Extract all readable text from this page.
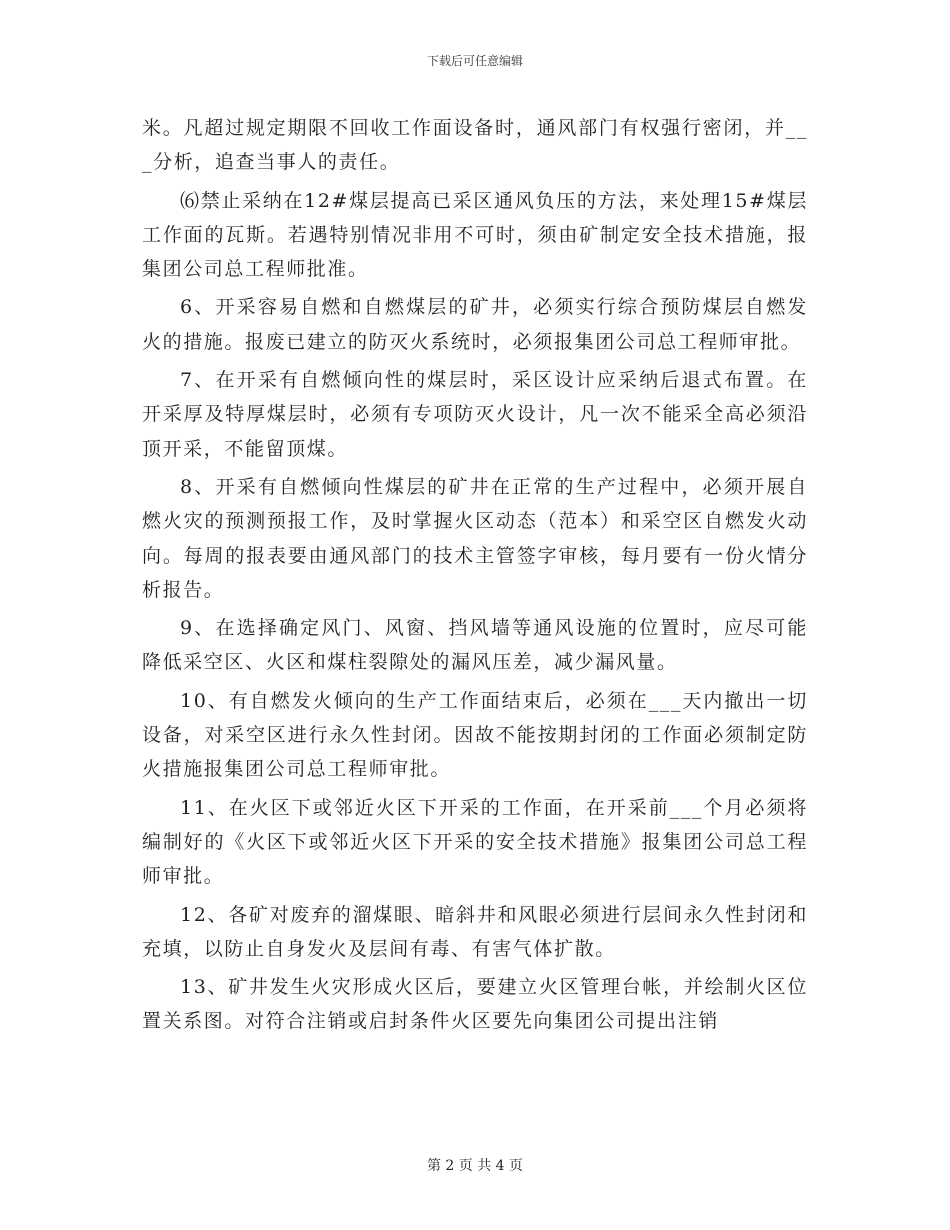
下载后可任意编辑

米。凡超过规定期限不回收工作面设备时，通风部门有权强行密闭，并___分析，追查当事人的责任。

⑹禁止采纳在12#煤层提高已采区通风负压的方法，来处理15#煤层工作面的瓦斯。若遇特别情况非用不可时，须由矿制定安全技术措施，报集团公司总工程师批准。

6、开采容易自燃和自燃煤层的矿井，必须实行综合预防煤层自燃发火的措施。报废已建立的防灭火系统时，必须报集团公司总工程师审批。

7、在开采有自燃倾向性的煤层时，采区设计应采纳后退式布置。在开采厚及特厚煤层时，必须有专项防灭火设计，凡一次不能采全高必须沿顶开采，不能留顶煤。

8、开采有自燃倾向性煤层的矿井在正常的生产过程中，必须开展自燃火灾的预测预报工作，及时掌握火区动态（范本）和采空区自燃发火动向。每周的报表要由通风部门的技术主管签字审核，每月要有一份火情分析报告。

9、在选择确定风门、风窗、挡风墙等通风设施的位置时，应尽可能降低采空区、火区和煤柱裂隙处的漏风压差，减少漏风量。

10、有自燃发火倾向的生产工作面结束后，必须在___天内撤出一切设备，对采空区进行永久性封闭。因故不能按期封闭的工作面必须制定防火措施报集团公司总工程师审批。

11、在火区下或邻近火区下开采的工作面，在开采前___个月必须将编制好的《火区下或邻近火区下开采的安全技术措施》报集团公司总工程师审批。

12、各矿对废弃的溜煤眼、暗斜井和风眼必须进行层间永久性封闭和充填，以防止自身发火及层间有毒、有害气体扩散。

13、矿井发生火灾形成火区后，要建立火区管理台帐，并绘制火区位置关系图。对符合注销或启封条件火区要先向集团公司提出注销

第 2 页 共 4 页
